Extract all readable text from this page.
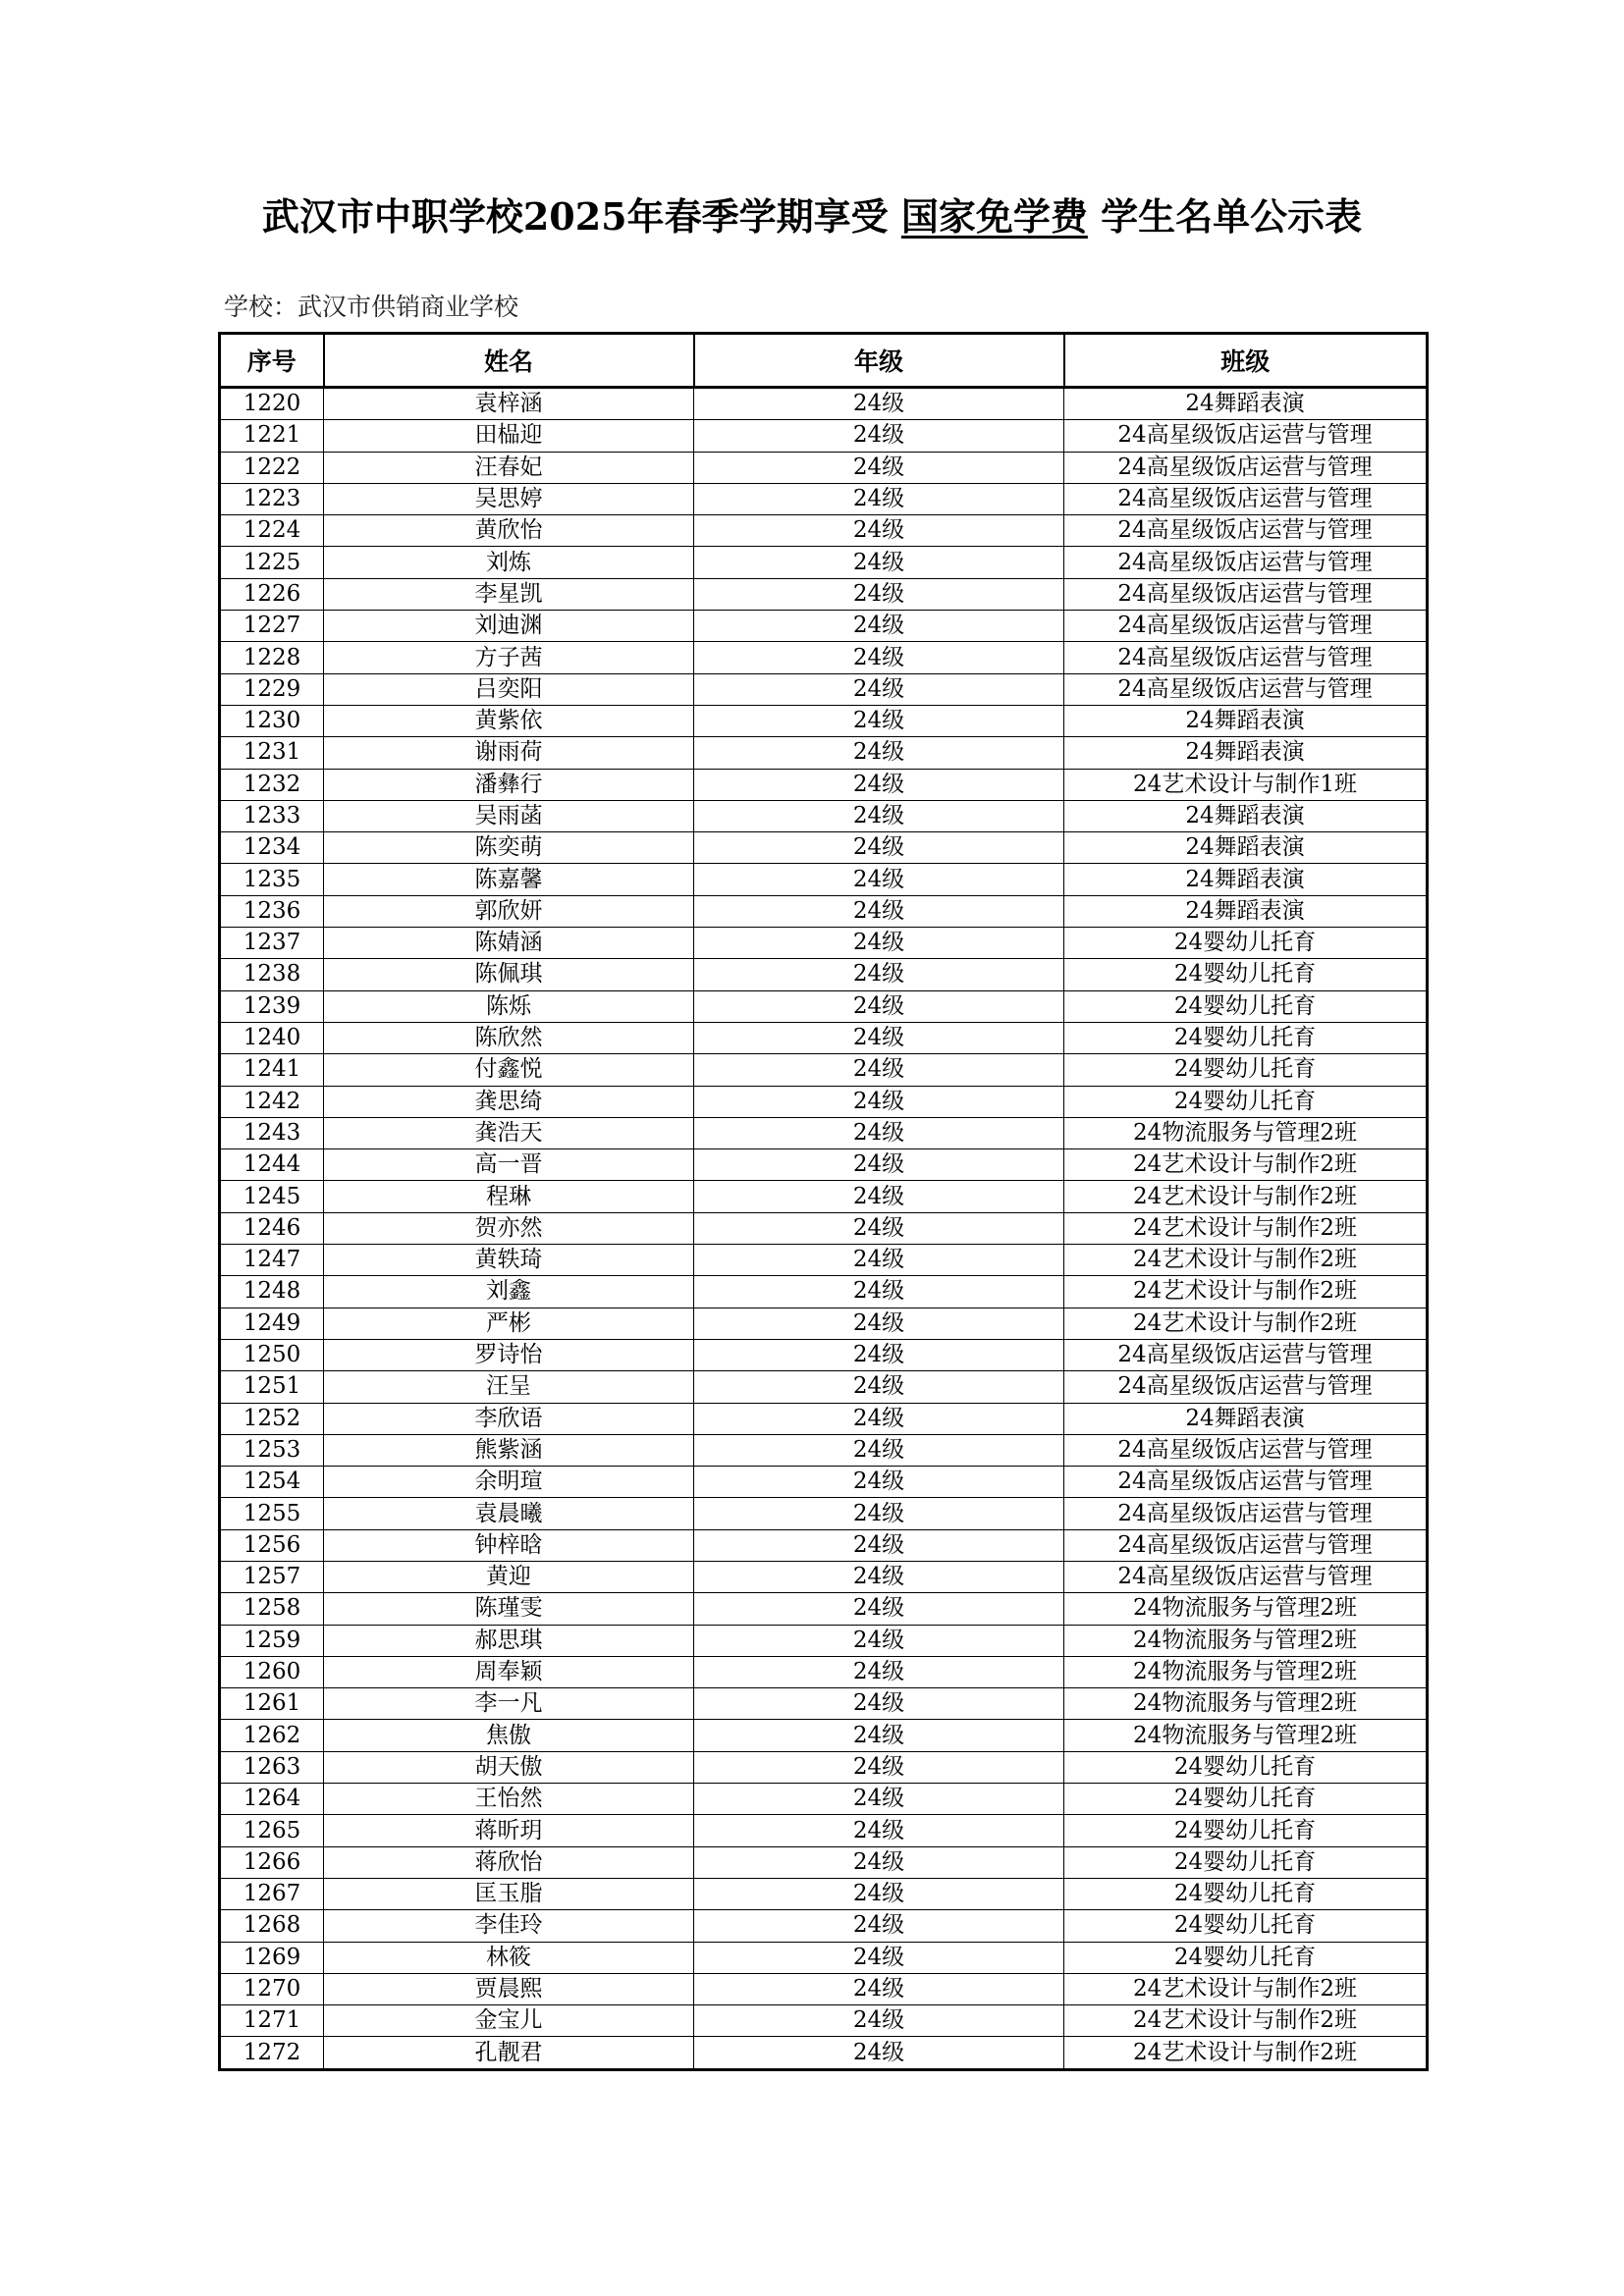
武汉市中职学校2025年春季学期享受 国家免学费 学生名单公示表
学校：武汉市供销商业学校
序号	姓名	年级	班级
1220	袁梓涵	24级	24舞蹈表演
1221	田榀迎	24级	24高星级饭店运营与管理
1222	汪春妃	24级	24高星级饭店运营与管理
1223	吴思婷	24级	24高星级饭店运营与管理
1224	黄欣怡	24级	24高星级饭店运营与管理
1225	刘炼	24级	24高星级饭店运营与管理
1226	李星凯	24级	24高星级饭店运营与管理
1227	刘迪渊	24级	24高星级饭店运营与管理
1228	方子茜	24级	24高星级饭店运营与管理
1229	吕奕阳	24级	24高星级饭店运营与管理
1230	黄紫依	24级	24舞蹈表演
1231	谢雨荷	24级	24舞蹈表演
1232	潘彝行	24级	24艺术设计与制作1班
1233	吴雨菡	24级	24舞蹈表演
1234	陈奕萌	24级	24舞蹈表演
1235	陈嘉馨	24级	24舞蹈表演
1236	郭欣妍	24级	24舞蹈表演
1237	陈婧涵	24级	24婴幼儿托育
1238	陈佩琪	24级	24婴幼儿托育
1239	陈烁	24级	24婴幼儿托育
1240	陈欣然	24级	24婴幼儿托育
1241	付鑫悦	24级	24婴幼儿托育
1242	龚思绮	24级	24婴幼儿托育
1243	龚浩天	24级	24物流服务与管理2班
1244	高一晋	24级	24艺术设计与制作2班
1245	程琳	24级	24艺术设计与制作2班
1246	贺亦然	24级	24艺术设计与制作2班
1247	黄轶琦	24级	24艺术设计与制作2班
1248	刘鑫	24级	24艺术设计与制作2班
1249	严彬	24级	24艺术设计与制作2班
1250	罗诗怡	24级	24高星级饭店运营与管理
1251	汪呈	24级	24高星级饭店运营与管理
1252	李欣语	24级	24舞蹈表演
1253	熊紫涵	24级	24高星级饭店运营与管理
1254	余明瑄	24级	24高星级饭店运营与管理
1255	袁晨曦	24级	24高星级饭店运营与管理
1256	钟梓晗	24级	24高星级饭店运营与管理
1257	黄迎	24级	24高星级饭店运营与管理
1258	陈瑾雯	24级	24物流服务与管理2班
1259	郝思琪	24级	24物流服务与管理2班
1260	周奉颖	24级	24物流服务与管理2班
1261	李一凡	24级	24物流服务与管理2班
1262	焦傲	24级	24物流服务与管理2班
1263	胡天傲	24级	24婴幼儿托育
1264	王怡然	24级	24婴幼儿托育
1265	蒋昕玥	24级	24婴幼儿托育
1266	蒋欣怡	24级	24婴幼儿托育
1267	匡玉脂	24级	24婴幼儿托育
1268	李佳玲	24级	24婴幼儿托育
1269	林筱	24级	24婴幼儿托育
1270	贾晨熙	24级	24艺术设计与制作2班
1271	金宝儿	24级	24艺术设计与制作2班
1272	孔靓君	24级	24艺术设计与制作2班
